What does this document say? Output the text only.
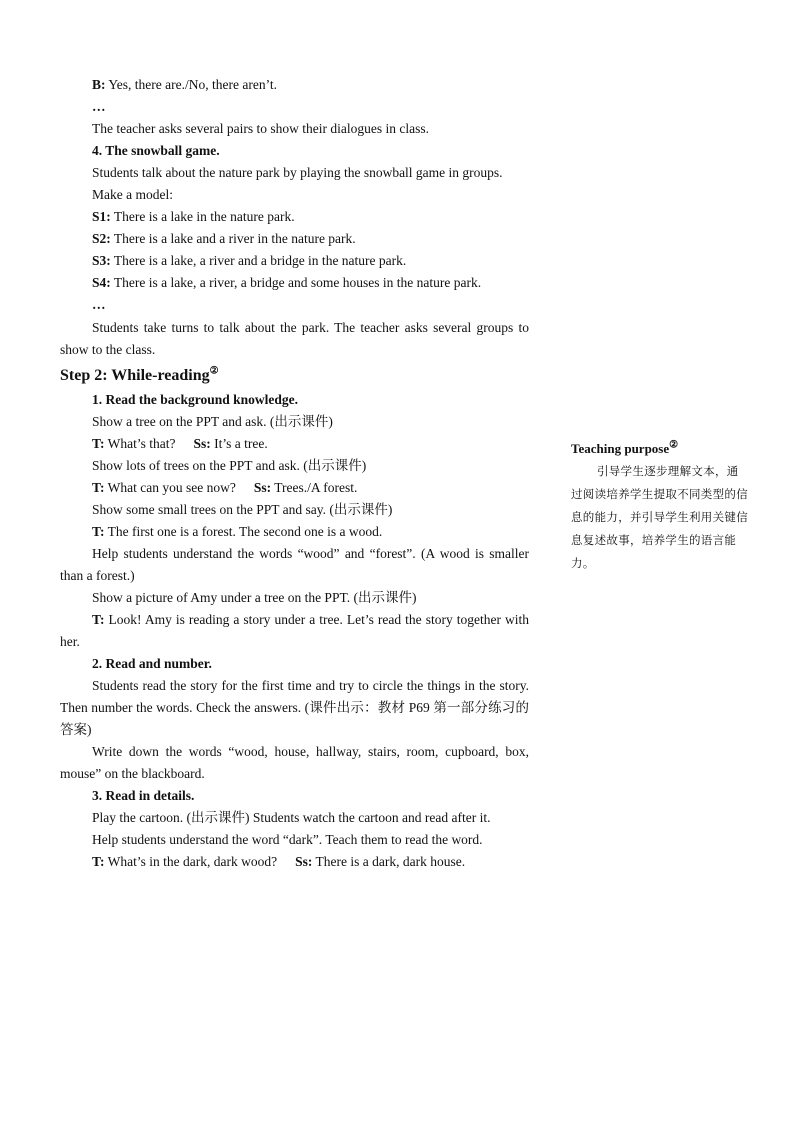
B: Yes, there are./No, there aren’t.

…

The teacher asks several pairs to show their dialogues in class.

4. The snowball game.

Students talk about the nature park by playing the snowball game in groups.

Make a model:

S1: There is a lake in the nature park.

S2: There is a lake and a river in the nature park.

S3: There is a lake, a river and a bridge in the nature park.

S4: There is a lake, a river, a bridge and some houses in the nature park.

…

Students take turns to talk about the park. The teacher asks several groups to show to the class.

Step 2: While-reading②

1. Read the background knowledge.

Show a tree on the PPT and ask. (出示课件)

T: What’s that? Ss: It’s a tree.

Show lots of trees on the PPT and ask. (出示课件)

T: What can you see now? Ss: Trees./A forest.

Show some small trees on the PPT and say. (出示课件)

T: The first one is a forest. The second one is a wood.

Help students understand the words “wood” and “forest”. (A wood is smaller than a forest.)

Show a picture of Amy under a tree on the PPT. (出示课件)

T: Look! Amy is reading a story under a tree. Let’s read the story together with her.

2. Read and number.

Students read the story for the first time and try to circle the things in the story. Then number the words. Check the answers. (课件出示：教材 P69 第一部分练习的答案)

Write down the words “wood, house, hallway, stairs, room, cupboard, box, mouse” on the blackboard.

3. Read in details.

Play the cartoon. (出示课件) Students watch the cartoon and read after it.

Help students understand the word “dark”. Teach them to read the word.

T: What’s in the dark, dark wood? Ss: There is a dark, dark house.

Teaching purpose②

引导学生逐步理解文本，通过阅读培养学生提取不同类型的信息的能力，并引导学生利用关键信息复述故事，培养学生的语言能力。
